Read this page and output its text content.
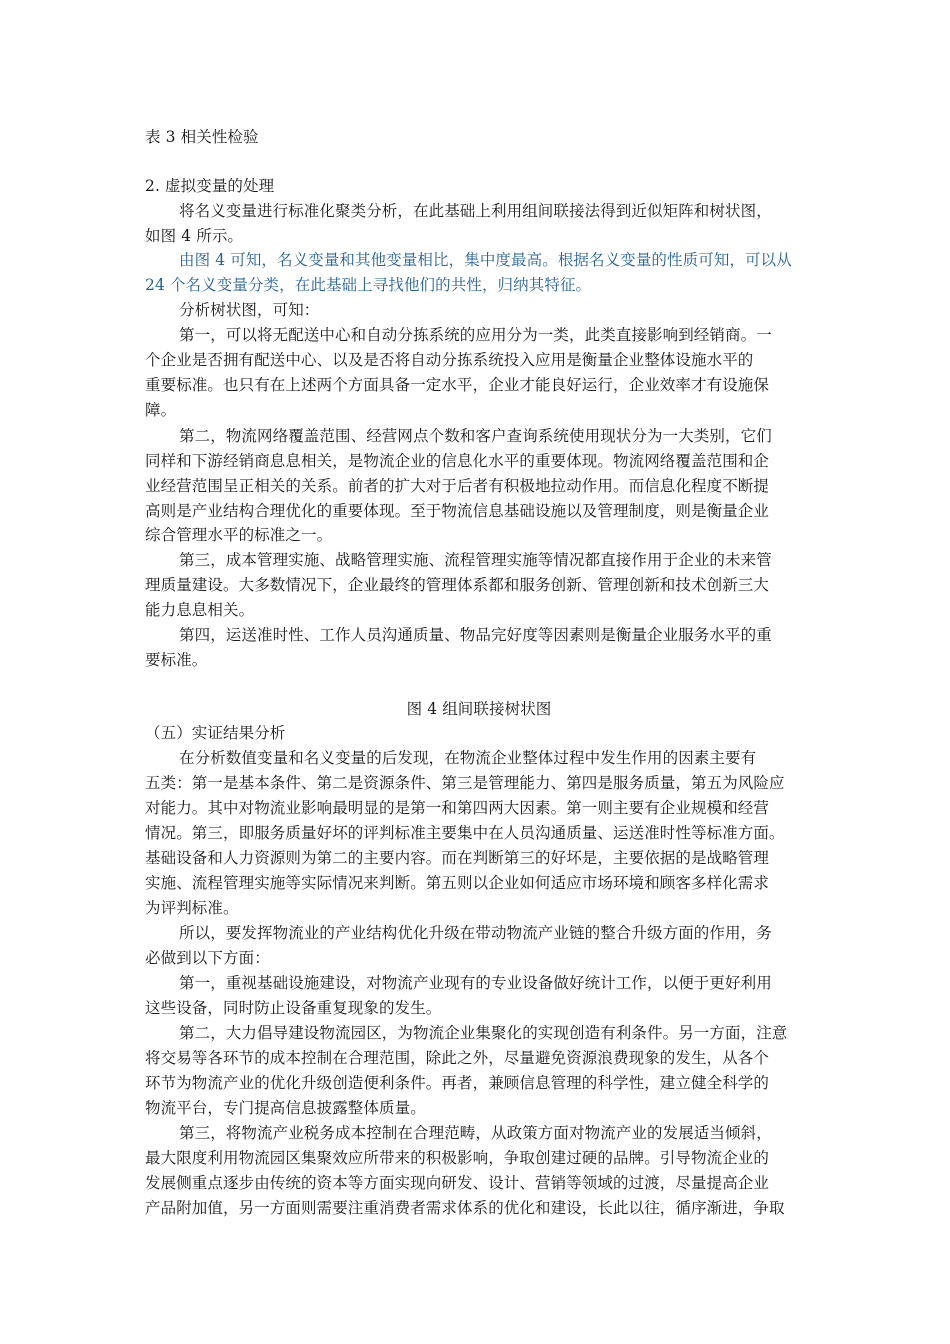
表 3 相关性检验
2. 虚拟变量的处理
将名义变量进行标准化聚类分析，在此基础上利用组间联接法得到近似矩阵和树状图，
如图 4 所示。
由图 4 可知，名义变量和其他变量相比，集中度最高。根据名义变量的性质可知，可以从
24 个名义变量分类，在此基础上寻找他们的共性，归纳其特征。
分析树状图，可知：
第一，可以将无配送中心和自动分拣系统的应用分为一类，此类直接影响到经销商。一
个企业是否拥有配送中心、以及是否将自动分拣系统投入应用是衡量企业整体设施水平的
重要标准。也只有在上述两个方面具备一定水平，企业才能良好运行，企业效率才有设施保
障。
第二，物流网络覆盖范围、经营网点个数和客户查询系统使用现状分为一大类别，它们
同样和下游经销商息息相关，是物流企业的信息化水平的重要体现。物流网络覆盖范围和企
业经营范围呈正相关的关系。前者的扩大对于后者有积极地拉动作用。而信息化程度不断提
高则是产业结构合理优化的重要体现。至于物流信息基础设施以及管理制度，则是衡量企业
综合管理水平的标准之一。
第三，成本管理实施、战略管理实施、流程管理实施等情况都直接作用于企业的未来管
理质量建设。大多数情况下，企业最终的管理体系都和服务创新、管理创新和技术创新三大
能力息息相关。
第四，运送准时性、工作人员沟通质量、物品完好度等因素则是衡量企业服务水平的重
要标准。
图 4 组间联接树状图
（五）实证结果分析
在分析数值变量和名义变量的后发现，在物流企业整体过程中发生作用的因素主要有
五类：第一是基本条件、第二是资源条件、第三是管理能力、第四是服务质量，第五为风险应
对能力。其中对物流业影响最明显的是第一和第四两大因素。第一则主要有企业规模和经营
情况。第三，即服务质量好坏的评判标准主要集中在人员沟通质量、运送准时性等标准方面。
基础设备和人力资源则为第二的主要内容。而在判断第三的好坏是，主要依据的是战略管理
实施、流程管理实施等实际情况来判断。第五则以企业如何适应市场环境和顾客多样化需求
为评判标准。
所以，要发挥物流业的产业结构优化升级在带动物流产业链的整合升级方面的作用，务
必做到以下方面：
第一，重视基础设施建设，对物流产业现有的专业设备做好统计工作，以便于更好利用
这些设备，同时防止设备重复现象的发生。
第二，大力倡导建设物流园区，为物流企业集聚化的实现创造有利条件。另一方面，注意
将交易等各环节的成本控制在合理范围，除此之外，尽量避免资源浪费现象的发生，从各个
环节为物流产业的优化升级创造便利条件。再者，兼顾信息管理的科学性，建立健全科学的
物流平台，专门提高信息披露整体质量。
第三，将物流产业税务成本控制在合理范畴，从政策方面对物流产业的发展适当倾斜，
最大限度利用物流园区集聚效应所带来的积极影响，争取创建过硬的品牌。引导物流企业的
发展侧重点逐步由传统的资本等方面实现向研发、设计、营销等领域的过渡，尽量提高企业
产品附加值，另一方面则需要注重消费者需求体系的优化和建设，长此以往，循序渐进，争取
